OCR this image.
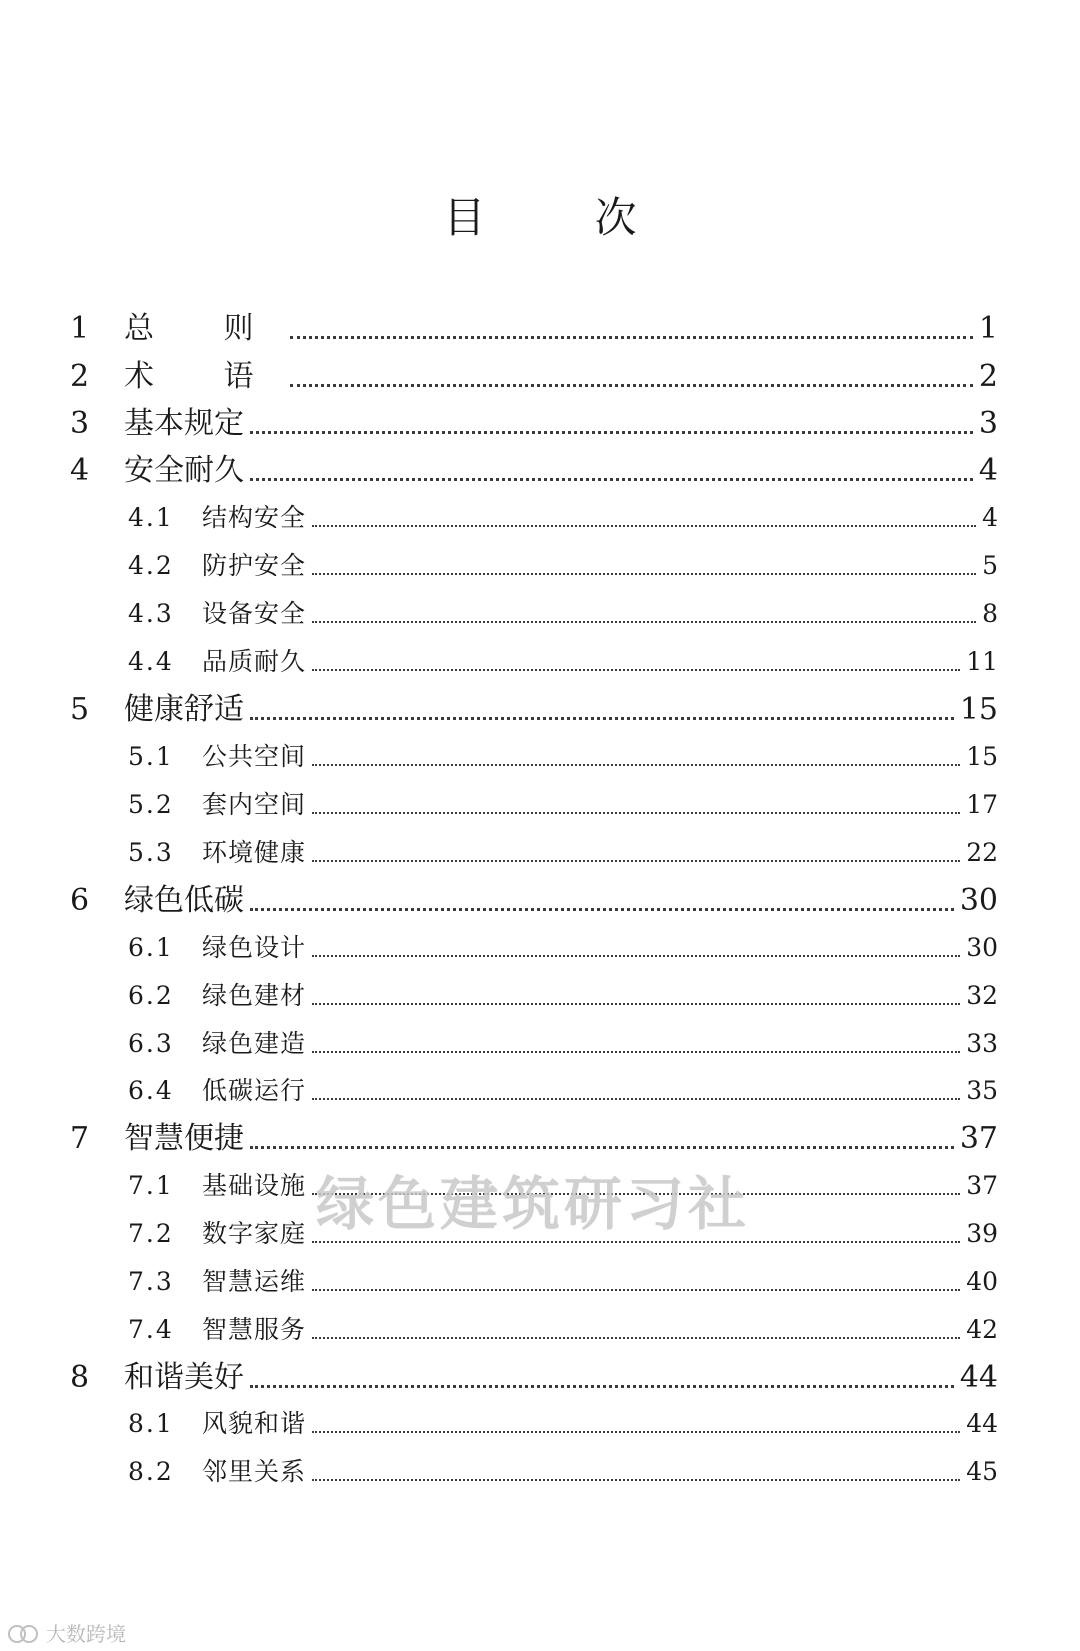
目 次
1	总 则	1
2	术 语	2
3	基本规定	3
4	安全耐久	4
4.1	结构安全	4
4.2	防护安全	5
4.3	设备安全	8
4.4	品质耐久	11
5	健康舒适	15
5.1	公共空间	15
5.2	套内空间	17
5.3	环境健康	22
6	绿色低碳	30
6.1	绿色设计	30
6.2	绿色建材	32
6.3	绿色建造	33
6.4	低碳运行	35
7	智慧便捷	37
7.1	基础设施	37
7.2	数字家庭	39
7.3	智慧运维	40
7.4	智慧服务	42
8	和谐美好	44
8.1	风貌和谐	44
8.2	邻里关系	45
绿色建筑研习社
大数跨境
